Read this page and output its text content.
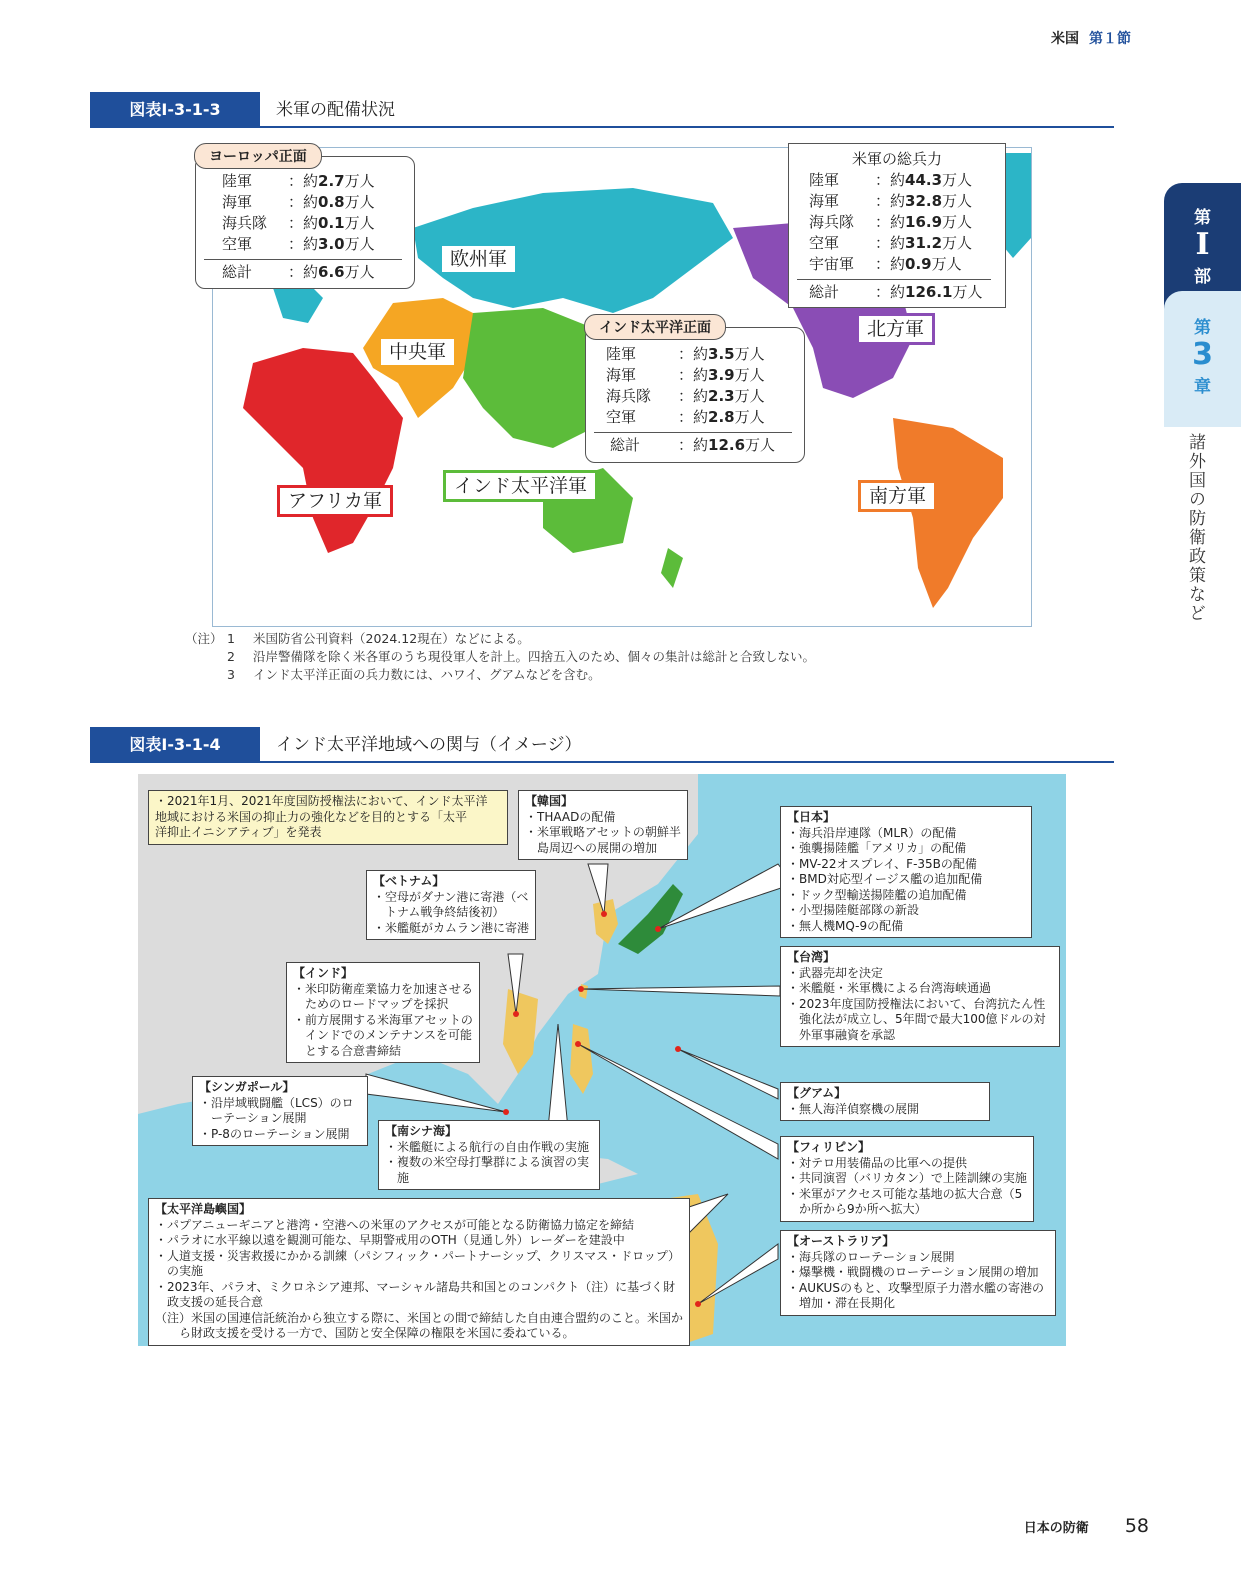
米国 第１節
第
I
部
第
3
章
諸外国の防衛政策など
図表Ⅰ-3-1-3	米軍の配備状況
欧州軍
中央軍
アフリカ軍
インド太平洋軍
北方軍
南方軍
ヨーロッパ正面
陸軍 ：約2.7万人
海軍 ：約0.8万人
海兵隊 ：約0.1万人
空軍 ：約3.0万人
総計 ：約6.6万人
米軍の総兵力
陸軍 ：約44.3万人
海軍 ：約32.8万人
海兵隊 ：約16.9万人
空軍 ：約31.2万人
宇宙軍 ：約0.9万人
総計 ：約126.1万人
インド太平洋正面
陸軍	：約3.5万人
海軍	：約3.9万人
海兵隊 ：約2.3万人
空軍	：約2.8万人
総計	：約12.6万人
（注） 1 米国防省公刊資料（2024.12現在）などによる。
2 沿岸警備隊を除く米各軍のうち現役軍人を計上。四捨五入のため、個々の集計は総計と合致しない。
3 インド太平洋正面の兵力数には、ハワイ、グアムなどを含む。
図表Ⅰ-3-1-4	インド太平洋地域への関与（イメージ）
・2021年1月、2021年度国防授権法において、インド太平洋
地域における米国の抑止力の強化などを目的とする「太平
洋抑止イニシアティブ」を発表
【韓国】
・THAADの配備
・米軍戦略アセットの朝鮮半島周辺への展開の増加
【日本】
・海兵沿岸連隊（MLR）の配備
・強襲揚陸艦「アメリカ」の配備
・MV-22オスプレイ、F-35Bの配備
・BMD対応型イージス艦の追加配備
・ドック型輸送揚陸艦の追加配備
・小型揚陸艇部隊の新設
・無人機MQ-9の配備
【ベトナム】
・空母がダナン港に寄港（ベトナム戦争終結後初）
・米艦艇がカムラン港に寄港
【台湾】
・武器売却を決定
・米艦艇・米軍機による台湾海峡通過
・2023年度国防授権法において、台湾抗たん性強化法が成立し、5年間で最大100億ドルの対外軍事融資を承認
【インド】
・米印防衛産業協力を加速させるためのロードマップを採択
・前方展開する米海軍アセットのインドでのメンテナンスを可能とする合意書締結
【シンガポール】
・沿岸域戦闘艦（LCS）のローテーション展開
・P-8のローテーション展開
【グアム】
・無人海洋偵察機の展開
【南シナ海】
・米艦艇による航行の自由作戦の実施
・複数の米空母打撃群による演習の実施
【フィリピン】
・対テロ用装備品の比軍への提供
・共同演習（バリカタン）で上陸訓練の実施
・米軍がアクセス可能な基地の拡大合意（5か所から9か所へ拡大）
【太平洋島嶼国】
・パプアニューギニアと港湾・空港への米軍のアクセスが可能となる防衛協力協定を締結
・パラオに水平線以遠を観測可能な、早期警戒用のOTH（見通し外）レーダーを建設中
・人道支援・災害救援にかかる訓練（パシフィック・パートナーシップ、クリスマス・ドロップ）の実施
・2023年、パラオ、ミクロネシア連邦、マーシャル諸島共和国とのコンパクト（注）に基づく財政支援の延長合意
（注）米国の国連信託統治から独立する際に、米国との間で締結した自由連合盟約のこと。米国から財政支援を受ける一方で、国防と安全保障の権限を米国に委ねている。
【オーストラリア】
・海兵隊のローテーション展開
・爆撃機・戦闘機のローテーション展開の増加
・AUKUSのもと、攻撃型原子力潜水艦の寄港の増加・滞在長期化
日本の防衛 58
